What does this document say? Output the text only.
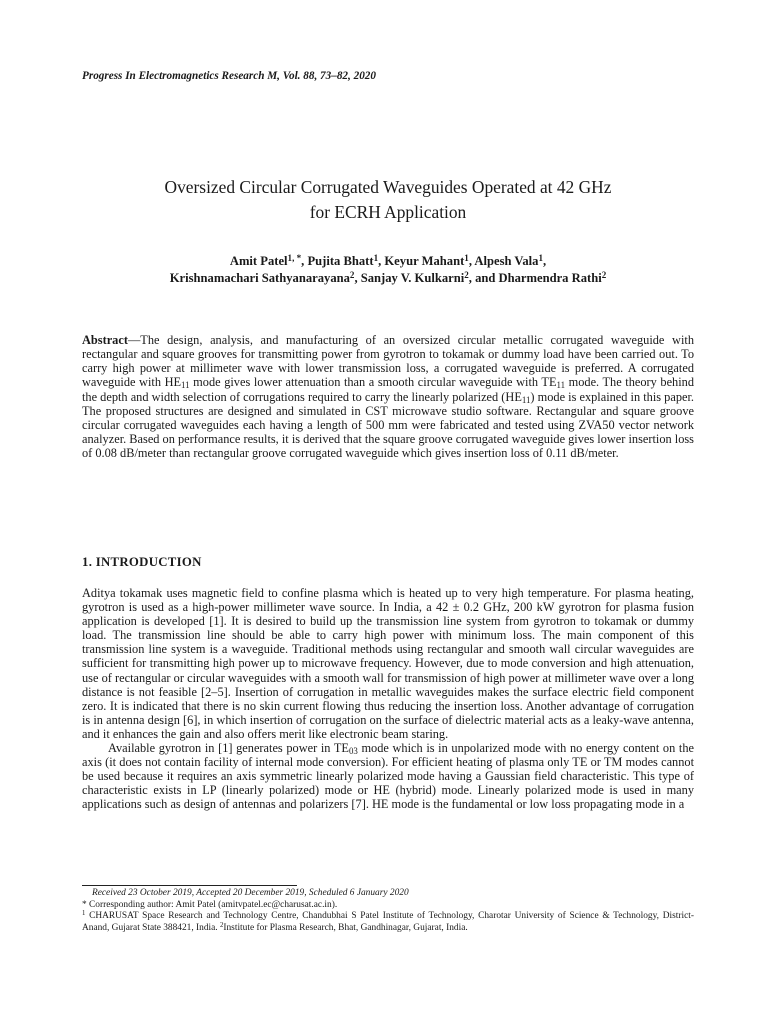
Progress In Electromagnetics Research M, Vol. 88, 73–82, 2020
Oversized Circular Corrugated Waveguides Operated at 42 GHz
for ECRH Application
Amit Patel$^{1, *}$, Pujita Bhatt$^1$, Keyur Mahant$^1$, Alpesh Vala$^1$,
Krishnamachari Sathyanarayana$^2$, Sanjay V. Kulkarni$^2$, and Dharmendra Rathi$^2$
Abstract—The design, analysis, and manufacturing of an oversized circular metallic corrugated waveguide with rectangular and square grooves for transmitting power from gyrotron to tokamak or dummy load have been carried out. To carry high power at millimeter wave with lower transmission loss, a corrugated waveguide is preferred. A corrugated waveguide with $HE_{11}$ mode gives lower attenuation than a smooth circular waveguide with $TE_{11}$ mode. The theory behind the depth and width selection of corrugations required to carry the linearly polarized $(HE_{11})$ mode is explained in this paper. The proposed structures are designed and simulated in CST microwave studio software. Rectangular and square groove circular corrugated waveguides each having a length of 500 mm were fabricated and tested using ZVA50 vector network analyzer. Based on performance results, it is derived that the square groove corrugated waveguide gives lower insertion loss of 0.08 dB/meter than rectangular groove corrugated waveguide which gives insertion loss of 0.11 dB/meter.
1. INTRODUCTION

Aditya tokamak uses magnetic field to confine plasma which is heated up to very high temperature. For plasma heating, gyrotron is used as a high-power millimeter wave source. In India, a 42 ± 0.2 GHz, 200 kW gyrotron for plasma fusion application is developed [1]. It is desired to build up the transmission line system from gyrotron to tokamak or dummy load. The transmission line should be able to carry high power with minimum loss. The main component of this transmission line system is a waveguide. Traditional methods using rectangular and smooth wall circular waveguides are sufficient for transmitting high power up to microwave frequency. However, due to mode conversion and high attenuation, use of rectangular or circular waveguides with a smooth wall for transmission of high power at millimeter wave over a long distance is not feasible [2–5]. Insertion of corrugation in metallic waveguides makes the surface electric field component zero. It is indicated that there is no skin current flowing thus reducing the insertion loss. Another advantage of corrugation is in antenna design [6], in which insertion of corrugation on the surface of dielectric material acts as a leaky-wave antenna, and it enhances the gain and also offers merit like electronic beam staring.

Available gyrotron in [1] generates power in $TE_{03}$ mode which is in unpolarized mode with no energy content on the axis (it does not contain facility of internal mode conversion). For efficient heating of plasma only TE or TM modes cannot be used because it requires an axis symmetric linearly polarized mode having a Gaussian field characteristic. This type of characteristic exists in LP (linearly polarized) mode or HE (hybrid) mode. Linearly polarized mode is used in many applications such as design of antennas and polarizers [7]. HE mode is the fundamental or low loss propagating mode in a

Received 23 October 2019, Accepted 20 December 2019, Scheduled 6 January 2020
* Corresponding author: Amit Patel (amitvpatel.ec@charusat.ac.in).
$^1$ CHARUSAT Space Research and Technology Centre, Chandubhai S Patel Institute of Technology, Charotar University of Science & Technology, District-Anand, Gujarat State 388421, India. $^2$Institute for Plasma Research, Bhat, Gandhinagar, Gujarat, India.
